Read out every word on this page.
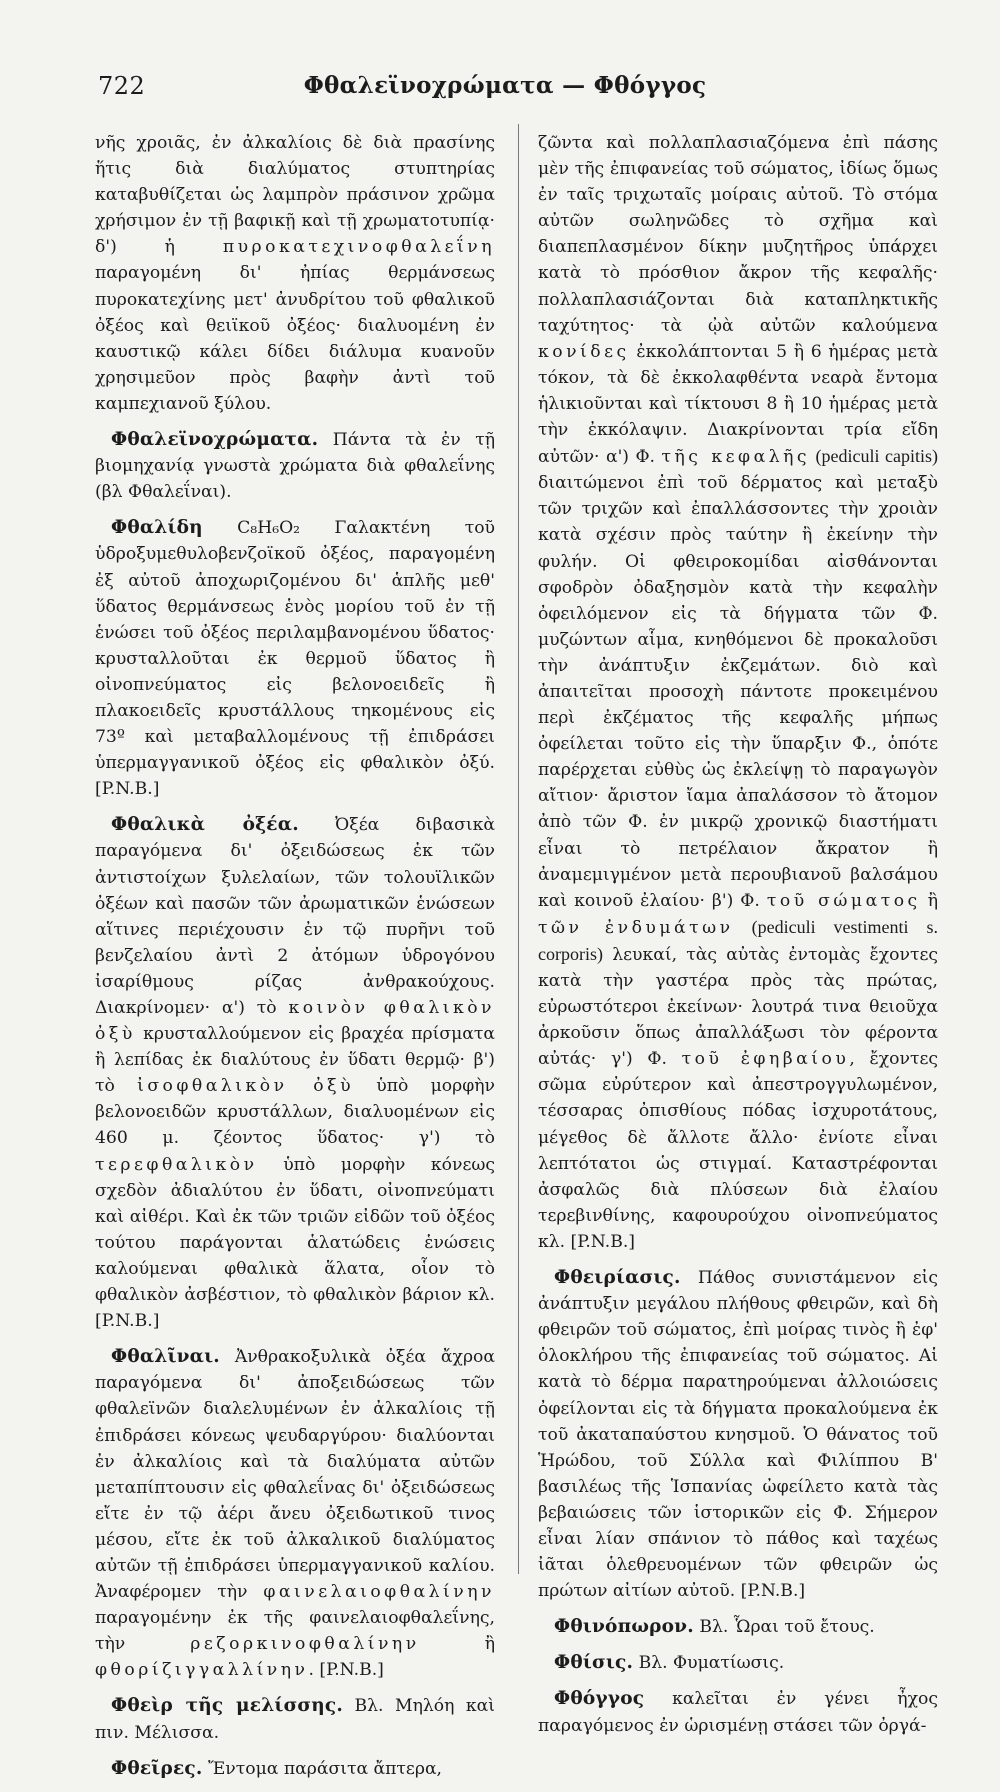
722	Φθαλεϊνοχρώματα — Φθόγγος

νῆς χροιᾶς, ἐν ἀλκαλίοις δὲ διὰ πρασίνης ἥτις διὰ διαλύματος στυπτηρίας καταβυθίζεται ὡς λαμπρὸν πράσινον χρῶμα χρήσιμον ἐν τῇ βαφικῇ καὶ τῇ χρωματοτυπίᾳ· δ') ἡ πυροκατεχινοφθαλεΐνη παραγομένη δι' ἠπίας θερμάνσεως πυροκατεχίνης μετ' ἀνυδρίτου τοῦ φθαλικοῦ ὀξέος καὶ θειϊκοῦ ὀξέος· διαλυομένη ἐν καυστικῷ κάλει δίδει διάλυμα κυανοῦν χρησιμεῦον πρὸς βαφὴν ἀντὶ τοῦ καμπεχιανοῦ ξύλου.

Φθαλεϊνοχρώματα. Πάντα τὰ ἐν τῇ βιομηχανίᾳ γνωστὰ χρώματα διὰ φθαλεΐνης (βλ Φθαλεΐναι).

Φθαλίδη C₈H₆O₂ Γαλακτένη τοῦ ὑδροξυμεθυλοβενζοϊκοῦ ὀξέος, παραγομένη ἐξ αὐτοῦ ἀποχωριζομένου δι' ἁπλῆς μεθ' ὕδατος θερμάνσεως ἑνὸς μορίου τοῦ ἐν τῇ ἑνώσει τοῦ ὀξέος περιλαμβανομένου ὕδατος· κρυσταλλοῦται ἐκ θερμοῦ ὕδατος ἢ οἰνοπνεύματος εἰς βελονοειδεῖς ἢ πλακοειδεῖς κρυστάλλους τηκομένους εἰς 73º καὶ μεταβαλλομένους τῇ ἐπιδράσει ὑπερμαγγανικοῦ ὀξέος εἰς φθαλικὸν ὀξύ. [P.N.B.]

Φθαλικὰ ὀξέα. Ὀξέα διβασικὰ παραγόμενα δι' ὀξειδώσεως ἐκ τῶν ἀντιστοίχων ξυλελαίων, τῶν τολουϊλικῶν ὀξέων καὶ πασῶν τῶν ἀρωματικῶν ἑνώσεων αἵτινες περιέχουσιν ἐν τῷ πυρῆνι τοῦ βενζελαίου ἀντὶ 2 ἀτόμων ὑδρογόνου ἰσαρίθμους ρίζας ἀνθρακούχους. Διακρίνομεν· α') τὸ κοινὸν φθαλικὸν ὀξὺ κρυσταλλούμενον εἰς βραχέα πρίσματα ἢ λεπίδας ἐκ διαλύτους ἐν ὕδατι θερμῷ· β') τὸ ἰσοφθαλικὸν ὀξὺ ὑπὸ μορφὴν βελονοειδῶν κρυστάλλων, διαλυομένων εἰς 460 μ. ζέοντος ὕδατος· γ') τὸ τερεφθαλικὸν ὑπὸ μορφὴν κόνεως σχεδὸν ἀδιαλύτου ἐν ὕδατι, οἰνοπνεύματι καὶ αἰθέρι. Καὶ ἐκ τῶν τριῶν εἰδῶν τοῦ ὀξέος τούτου παράγονται ἁλατώδεις ἑνώσεις καλούμεναι φθαλικὰ ἅλατα, οἷον τὸ φθαλικὸν ἀσβέστιον, τὸ φθαλικὸν βάριον κλ. [P.N.B.]

Φθαλῖναι. Ἀνθρακοξυλικὰ ὀξέα ἄχροα παραγόμενα δι' ἀποξειδώσεως τῶν φθαλεϊνῶν διαλελυμένων ἐν ἀλκαλίοις τῇ ἐπιδράσει κόνεως ψευδαργύρου· διαλύονται ἐν ἀλκαλίοις καὶ τὰ διαλύματα αὐτῶν μεταπίπτουσιν εἰς φθαλεΐνας δι' ὀξειδώσεως εἴτε ἐν τῷ ἀέρι ἄνευ ὀξειδωτικοῦ τινος μέσου, εἴτε ἐκ τοῦ ἀλκαλικοῦ διαλύματος αὐτῶν τῇ ἐπιδράσει ὑπερμαγγανικοῦ καλίου. Ἀναφέρομεν τὴν φαινελαιοφθαλίνην παραγομένην ἐκ τῆς φαινελαιοφθαλεΐνης, τὴν ρεζορκινοφθαλίνην ἢ φθορίζιγγαλλίνην. [P.N.B.]

Φθεὶρ τῆς μελίσσης. Βλ. Μηλόη καὶ πιν. Μέλισσα.

Φθεῖρες. Ἔντομα παράσιτα ἄπτερα,

ζῶντα καὶ πολλαπλασιαζόμενα ἐπὶ πάσης μὲν τῆς ἐπιφανείας τοῦ σώματος, ἰδίως ὅμως ἐν ταῖς τριχωταῖς μοίραις αὐτοῦ. Τὸ στόμα αὐτῶν σωληνῶδες τὸ σχῆμα καὶ διαπεπλασμένον δίκην μυζητῆρος ὑπάρχει κατὰ τὸ πρόσθιον ἄκρον τῆς κεφαλῆς· πολλαπλασιάζονται διὰ καταπληκτικῆς ταχύτητος· τὰ ᾠὰ αὐτῶν καλούμενα κονίδες ἐκκολάπτονται 5 ἢ 6 ἡμέρας μετὰ τόκον, τὰ δὲ ἐκκολαφθέντα νεαρὰ ἔντομα ἡλικιοῦνται καὶ τίκτουσι 8 ἢ 10 ἡμέρας μετὰ τὴν ἐκκόλαψιν. Διακρίνονται τρία εἴδη αὐτῶν· α') Φ. τῆς κεφαλῆς (pediculi capitis) διαιτώμενοι ἐπὶ τοῦ δέρματος καὶ μεταξὺ τῶν τριχῶν καὶ ἐπαλλάσσοντες τὴν χροιὰν κατὰ σχέσιν πρὸς ταύτην ἢ ἐκείνην τὴν φυλήν. Οἱ φθειροκομίδαι αἰσθάνονται σφοδρὸν ὀδαξησμὸν κατὰ τὴν κεφαλὴν ὀφειλόμενον εἰς τὰ δήγματα τῶν Φ. μυζώντων αἷμα, κνηθόμενοι δὲ προκαλοῦσι τὴν ἀνάπτυξιν ἐκζεμάτων. διὸ καὶ ἀπαιτεῖται προσοχὴ πάντοτε προκειμένου περὶ ἐκζέματος τῆς κεφαλῆς μήπως ὀφείλεται τοῦτο εἰς τὴν ὕπαρξιν Φ., ὁπότε παρέρχεται εὐθὺς ὡς ἐκλείψῃ τὸ παραγωγὸν αἴτιον· ἄριστον ἴαμα ἀπαλάσσον τὸ ἄτομον ἀπὸ τῶν Φ. ἐν μικρῷ χρονικῷ διαστήματι εἶναι τὸ πετρέλαιον ἄκρατον ἢ ἀναμεμιγμένον μετὰ περουβιανοῦ βαλσάμου καὶ κοινοῦ ἐλαίου· β') Φ. τοῦ σώματος ἢ τῶν ἐνδυμάτων (pediculi vestimenti s. corporis) λευκαί, τὰς αὐτὰς ἐντομὰς ἔχοντες κατὰ τὴν γαστέρα πρὸς τὰς πρώτας, εὐρωστότεροι ἐκείνων· λουτρά τινα θειοῦχα ἀρκοῦσιν ὅπως ἀπαλλάξωσι τὸν φέροντα αὐτάς· γ') Φ. τοῦ ἐφηβαίου, ἔχοντες σῶμα εὐρύτερον καὶ ἀπεστρογγυλωμένον, τέσσαρας ὀπισθίους πόδας ἰσχυροτάτους, μέγεθος δὲ ἄλλοτε ἄλλο· ἐνίοτε εἶναι λεπτότατοι ὡς στιγμαί. Καταστρέφονται ἀσφαλῶς διὰ πλύσεων διὰ ἐλαίου τερεβινθίνης, καφουρούχου οἰνοπνεύματος κλ. [P.N.B.]

Φθειρίασις. Πάθος συνιστάμενον εἰς ἀνάπτυξιν μεγάλου πλήθους φθειρῶν, καὶ δὴ φθειρῶν τοῦ σώματος, ἐπὶ μοίρας τινὸς ἢ ἐφ' ὁλοκλήρου τῆς ἐπιφανείας τοῦ σώματος. Αἱ κατὰ τὸ δέρμα παρατηρούμεναι ἀλλοιώσεις ὀφείλονται εἰς τὰ δήγματα προκαλούμενα ἐκ τοῦ ἀκαταπαύστου κνησμοῦ. Ὁ θάνατος τοῦ Ἡρώδου, τοῦ Σύλλα καὶ Φιλίππου Β' βασιλέως τῆς Ἱσπανίας ὠφείλετο κατὰ τὰς βεβαιώσεις τῶν ἱστορικῶν εἰς Φ. Σήμερον εἶναι λίαν σπάνιον τὸ πάθος καὶ ταχέως ἰᾶται ὁλεθρευομένων τῶν φθειρῶν ὡς πρώτων αἰτίων αὐτοῦ. [P.N.B.]

Φθινόπωρον. Βλ. Ὧραι τοῦ ἔτους.

Φθίσις. Βλ. Φυματίωσις.

Φθόγγος καλεῖται ἐν γένει ἦχος παραγόμενος ἐν ὡρισμένῃ στάσει τῶν ὀργά-
